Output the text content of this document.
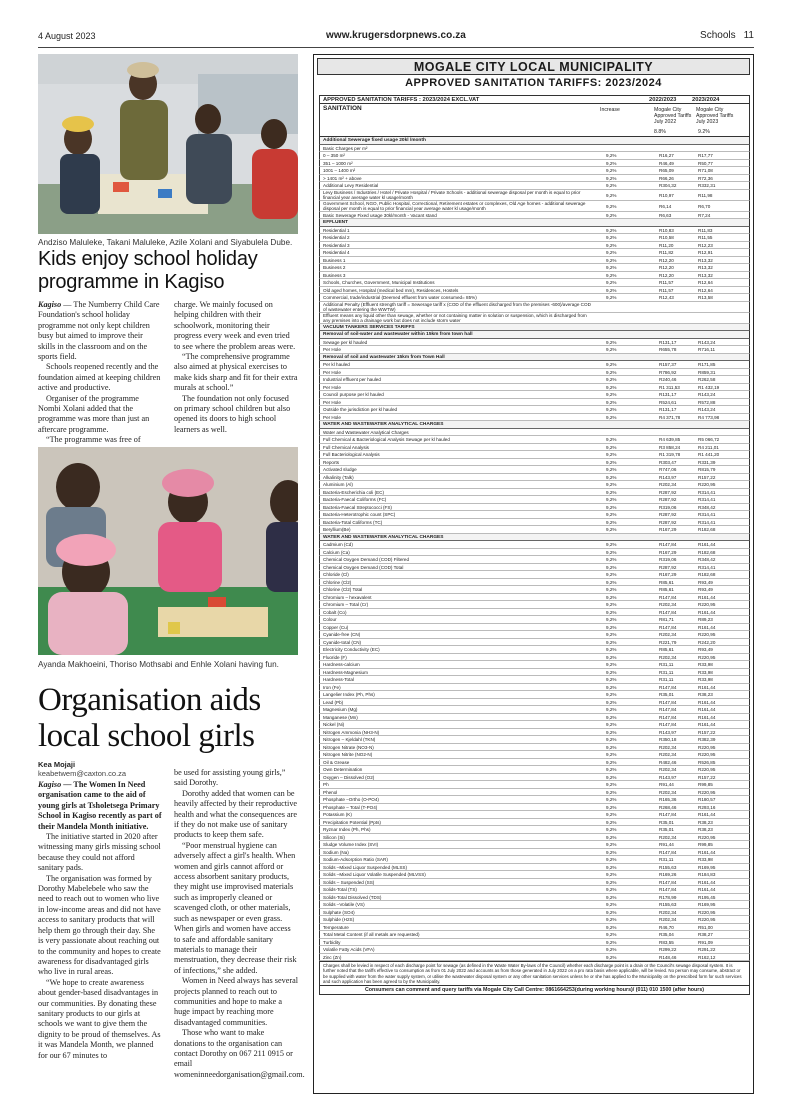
4 August 2023	www.krugersdorpnews.co.za	Schools 11
Andziso Maluleke, Takani Maluleke, Azile Xolani and Siyabulela Dube.
Kids enjoy school holiday programme in Kagiso

Kagiso — The Numberry Child Care Foundation's school holiday programme not only kept children busy but aimed to improve their skills in the classroom and on the sports field.

Schools reopened recently and the foundation aimed at keeping children active and productive.

Organiser of the programme Nombi Xolani added that the programme was more than just an aftercare programme.

“The programme was free of

charge. We mainly focused on helping children with their schoolwork, monitoring their progress every week and even tried to see where the problem areas were.

“The comprehensive programme also aimed at physical exercises to make kids sharp and fit for their extra murals at school.”

The foundation not only focused on primary school children but also opened its doors to high school learners as well.

Ayanda Makhoeini, Thoriso Mothsabi and Enhle Xolani having fun.
Organisation aids local school girls
Kea Mojaji
keabetwem@caxton.co.za

Kagiso — The Women In Need organisation came to the aid of young girls at Tsholetsega Primary School in Kagiso recently as part of their Mandela Month initiative.

The initiative started in 2020 after witnessing many girls missing school because they could not afford sanitary pads.

The organisation was formed by Dorothy Mabelebele who saw the need to reach out to women who live in low-income areas and did not have access to sanitary products that will help them go through their day. She is very passionate about reaching out to the community and hopes to create awareness for disadvantaged girls who live in rural areas.

“We hope to create awareness about gender-based disadvantages in our communities. By donating these sanitary products to our girls at schools we want to give them the dignity to be proud of themselves. As it was Mandela Month, we planned for our 67 minutes to

be used for assisting young girls,” said Dorothy.

Dorothy added that women can be heavily affected by their reproductive health and what the consequences are if they do not make use of sanitary products to keep them safe.

“Poor menstrual hygiene can adversely affect a girl's health. When women and girls cannot afford or access absorbent sanitary products, they might use improvised materials such as improperly cleaned or scavenged cloth, or other materials, such as newspaper or even grass. When girls and women have access to safe and affordable sanitary materials to manage their menstruation, they decrease their risk of infections,” she added.

Women in Need always has several projects planned to reach out to communities and hope to make a huge impact by reaching more disadvantaged communities.

Those who want to make donations to the organisation can contact Dorothy on 067 211 0915 or email womeninneedorganisation@gmail.com.

MOGALE CITY LOCAL MUNICIPALITY
APPROVED SANITATION TARIFFS: 2023/2024
APPROVED SANITATION TARIFFS : 2023/2024 EXCL.VAT	2022/2023	2023/2024
SANITATION	Increase	Mogale City Approved Tariffs July 2022
Mogale City Approved Tariffs July 2023
8.8%	9.2%
Additional Sewerage fixed usage 20kl /month
Basic Charges per m²
0 – 350 m²	9,2%	R16,27	R17,77
351 – 1000 m²	9,2%	R46,49	R50,77
1001 – 1400 m²	9,2%	R65,09	R71,08
> 1401 m² + above	9,2%	R66,26	R72,36
Additional Levy Residential	9,2%	R304,32	R332,31
Levy Business / Industries / Hotel / Private Hospital / Private Schools - additional sewerage disposal per month is equal to prior financial year average water kl usage/month	9,2%	R10,97	R11,98
Government School, NGO, Public Hospital, Correctional, Retirement estates or complexes, Old Age homes - additional sewerage disposal per month is equal to prior financial year average water kl usage/month	9,2%	R6,14	R6,70
Basic Sewerage Fixed usage 30kl/month - Vacant stand	9,2%	R6,63	R7,24
EFFLUENT
Residential 1	9,2%	R10,83	R11,83
Residential 2	9,2%	R10,58	R11,55
Residential 3	9,2%	R11,20	R12,23
Residential 4	9,2%	R11,82	R12,91
Business 1	9,2%	R12,20	R13,32
Business 2	9,2%	R12,20	R13,32
Business 3	9,2%	R12,20	R13,32
Schools, Churches, Government, Municipal Institutions	9,2%	R11,57	R12,64
Old aged homes, Hospital (medical bed mm), Residences, Hostels	9,2%	R11,57	R12,64
Commercial, trade/industrial (Deemed effluent from water consumed= 85%)	9,2%	R12,43	R13,58
Additional Penalty (Effluent strength tariff = Sewerage tariff x (COD of the effluent discharged from the premises -600)/average COD of wastewater entering the WWTW)
Effluent means any liquid other than sewage, whether or not containing matter in solution or suspension, which is discharged from any premises into a drainage work but does not include storm water
VACUUM TANKERS SERVICES TARIFFS
Removal of soil-water and wastewater within 15km from town hall
Sewage per kl hauled	9,2%	R131,17	R143,24
Per Hole	9,2%	R655,78	R716,11
Removal of soil and wastewater 15km from Town Hall
Per kl hauled	9,2%	R157,37	R171,85
Per Hole	9,2%	R786,92	R859,31
Industrial effluent per hauled	9,2%	R240,46	R262,58
Per Hole	9,2%	R1 311,53	R1 432,19
Council purpose per kl hauled	9,2%	R131,17	R143,24
Per Hole	9,2%	R524,61	R572,88
Outside the jurisdiction per kl hauled	9,2%	R131,17	R143,24
Per Hole	9,2%	R4 371,78	R4 773,98
WATER AND WASTEWATER ANALYTICAL CHARGES
Water and Wastewater Analytical Charges
Full Chemical & Bacteriological Analysis Sewage per kl hauled	9,2%	R4 639,85	R5 066,72
Full Chemical Analysis	9,2%	R3 858,24	R4 211,01
Full Bacteriological Analysis	9,2%	R1 319,78	R1 441,20
Reports	9,2%	R303,47	R331,39
Activated sludge	9,2%	R747,06	R815,79
Alkalinity (Talk)	9,2%	R143,97	R157,22
Aluminium (Al)	9,2%	R202,34	R220,95
Bacteria-Escherichia coli (EC)	9,2%	R287,92	R314,41
Bacteria-Faecal Coliforms (FC)	9,2%	R287,92	R314,41
Bacteria-Faecal Streptococci (FS)	9,2%	R319,06	R348,42
Bacteria-Heterotrophic count (SPC)	9,2%	R287,92	R314,41
Bacteria-Total Coliforms (TC)	9,2%	R287,92	R314,41
Beryllium(Be)	9,2%	R167,29	R182,68
WATER AND WASTEWATER ANALYTICAL CHARGES
Cadmium (Cd)	9,2%	R147,84	R161,44
Calcium (Ca)	9,2%	R167,29	R182,68
Chemical Oxygen Demand (COD) Filtered	9,2%	R319,06	R348,42
Chemical Oxygen Demand (COD) Total	9,2%	R287,92	R314,41
Chloride (Cl)	9,2%	R167,29	R182,68
Chlorine (Cl2)	9,2%	R85,61	R93,49
Chlorine (Cl2) Total	9,2%	R85,61	R93,49
Chromium – hexavalent	9,2%	R147,84	R161,44
Chromium – Total (Cr)	9,2%	R202,34	R220,95
Cobalt (Co)	9,2%	R147,84	R161,44
Colour	9,2%	R81,71	R89,23
Copper (Cu)	9,2%	R147,84	R161,44
Cyanide-free (CN)	9,2%	R202,34	R220,95
Cyanide-total (CN)	9,2%	R221,79	R242,20
Electricity Conductivity (EC)	9,2%	R85,61	R93,49
Fluoride (F)	9,2%	R202,34	R220,95
Hardness-calcium	9,2%	R31,11	R33,98
Hardness-Magnesium	9,2%	R31,11	R33,98
Hardness-Total	9,2%	R31,11	R33,98
Iron (Fe)	9,2%	R147,84	R161,44
Langelier Index (Ph, Phs)	9,2%	R35,01	R38,23
Lead (Pb)	9,2%	R147,84	R161,44
Magnesium (Mg)	9,2%	R147,84	R161,44
Manganese (Mn)	9,2%	R147,84	R161,44
Nickel (Ni)	9,2%	R147,84	R161,44
Nitrogen Ammonia (NH3-N)	9,2%	R143,97	R157,22
Nitrogen – Kjeldahl (TKN)	9,2%	R350,18	R382,39
Nitrogen Nitrate (NO3-N)	9,2%	R202,34	R220,95
Nitrogen Nitrite (NO2-N)	9,2%	R202,34	R220,95
Oil & Grease	9,2%	R482,46	R526,85
Own Determination	9,2%	R202,34	R220,95
Oxygen – Dissolved (O2)	9,2%	R143,97	R157,22
Ph	9,2%	R91,44	R99,85
Phenol	9,2%	R202,34	R220,95
Phosphate –Ortho (O-PO4)	9,2%	R165,36	R180,57
Phosphate – Total (T-PO4)	9,2%	R268,46	R293,16
Potassium (K)	9,2%	R147,84	R161,44
Precipitation Potential (Ppts)	9,2%	R35,01	R38,23
Ryznar Index (Ph, Phs)	9,2%	R35,01	R38,23
Silicon (Si)	9,2%	R202,34	R220,95
Sludge Volume Index (SVI)	9,2%	R91,44	R99,85
Sodium (Na)	9,2%	R147,84	R161,44
Sodium-Adsorption Ratio (SAR)	9,2%	R31,11	R33,98
Solids –Mixed Liquor Suspended (MLSS)	9,2%	R155,63	R169,95
Solids –Mixed Liquor Volatile Suspended (MLVSS)	9,2%	R169,26	R184,83
Solids – Suspended (SS)	9,2%	R147,84	R161,44
Solids-Total (TS)	9,2%	R147,84	R161,44
Solids-Total Dissolved (TDS)	9,2%	R178,99	R195,45
Solids –Volatile (VS)	9,2%	R155,63	R169,95
Sulphate (SO4)	9,2%	R202,34	R220,95
Sulphide (H2S)	9,2%	R202,34	R220,95
Temperature	9,2%	R46,70	R51,00
Total Metal Content (if all metals are requested)	9,2%	R35,04	R38,27
Turbidity	9,2%	R83,55	R91,09
Volatile Fatty Acids (VFA)	9,2%	R299,22	R291,22
Zinc (Zn)	9,2%	R148,46	R162,12
Charges shall be levied in respect of each discharge point for sewage (as defined in the Waste Water By-laws of the Council) whether each discharge point is a drain or the Council's sewage disposal system. It is further noted that the tariffs effective to consumption as from 01 July 2022 and accounts as from those generated in July 2022 on a pro rata basis where applicable, will be levied. No person may consume, abstract or be supplied with water from the water supply system, or utilise the wastewater disposal system or any other sanitation services unless he or she has applied to the Municipality on the prescribed form for such services and such application has been agreed to by the Municipality.
Consumers can comment and query tariffs via Mogale City Call Centre: 0861664253(during working hours)/ (011) 010 1500 (after hours)
